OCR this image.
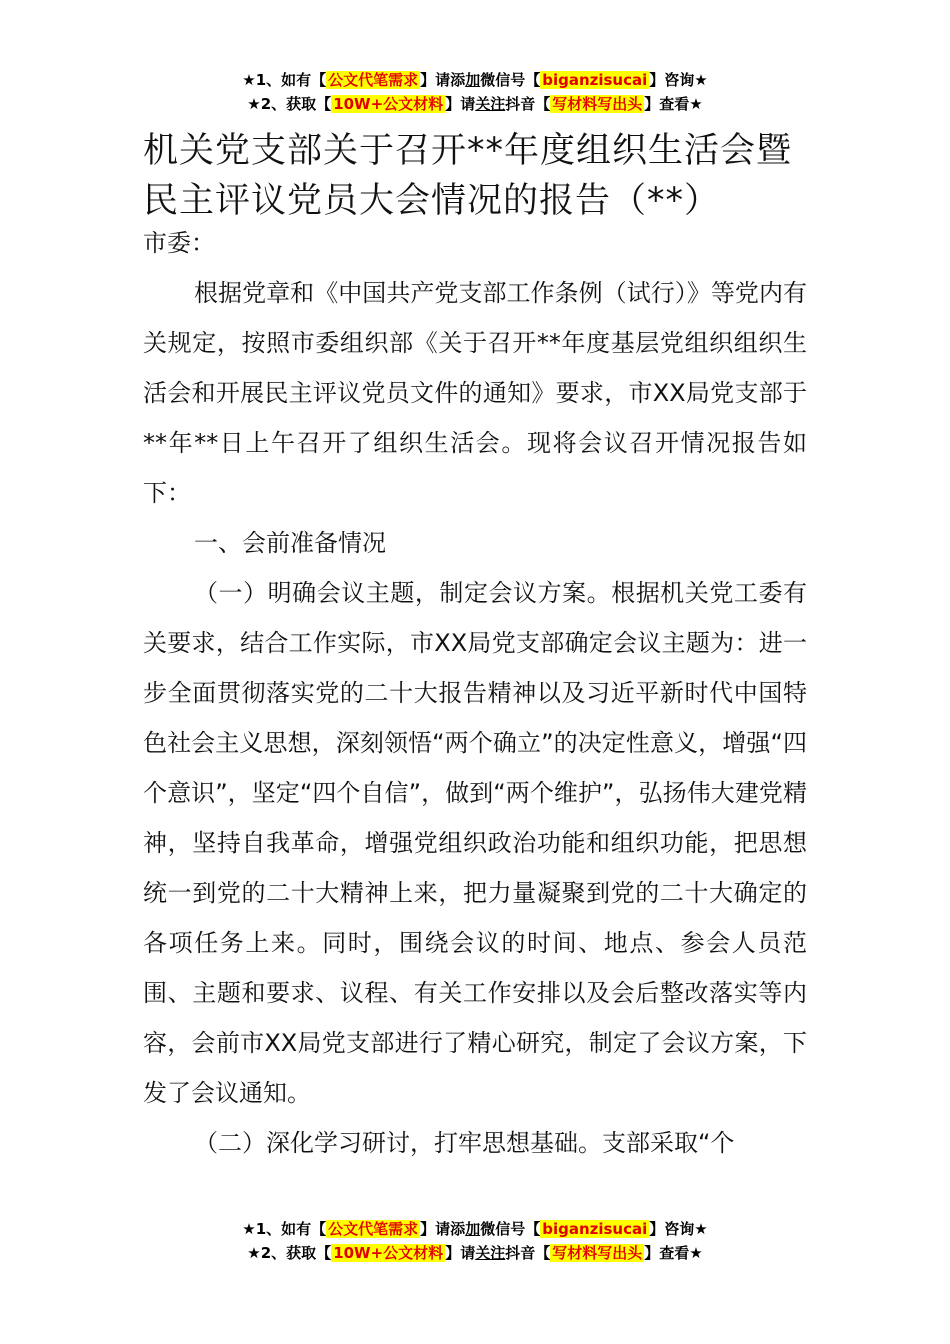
★1、如有【 公文代笔需求 】请添加微信号【 biganzisucai 】咨询★
★2、获取【 10W+公文材料 】请关注抖音【 写材料写出头 】查看★
机关党支部关于召开**年度组织生活会暨
民主评议党员大会情况的报告（**）

市委：

根据党章和《中国共产党支部工作条例（试行）》等党内有关规定，按照市委组织部《关于召开**年度基层党组织组织生活会和开展民主评议党员文件的通知》要求，市XX局党支部于**年**日上午召开了组织生活会。现将会议召开情况报告如下：

一、会前准备情况

（一）明确会议主题，制定会议方案。根据机关党工委有关要求，结合工作实际，市XX局党支部确定会议主题为：进一步全面贯彻落实党的二十大报告精神以及习近平新时代中国特色社会主义思想，深刻领悟“两个确立”的决定性意义，增强“四个意识”，坚定“四个自信”，做到“两个维护”，弘扬伟大建党精神，坚持自我革命，增强党组织政治功能和组织功能，把思想统一到党的二十大精神上来，把力量凝聚到党的二十大确定的各项任务上来。同时，围绕会议的时间、地点、参会人员范围、主题和要求、议程、有关工作安排以及会后整改落实等内容，会前市XX局党支部进行了精心研究，制定了会议方案，下发了会议通知。

（二）深化学习研讨，打牢思想基础。支部采取“个

★1、如有【 公文代笔需求 】请添加微信号【 biganzisucai 】咨询★
★2、获取【 10W+公文材料 】请关注抖音【 写材料写出头 】查看★
